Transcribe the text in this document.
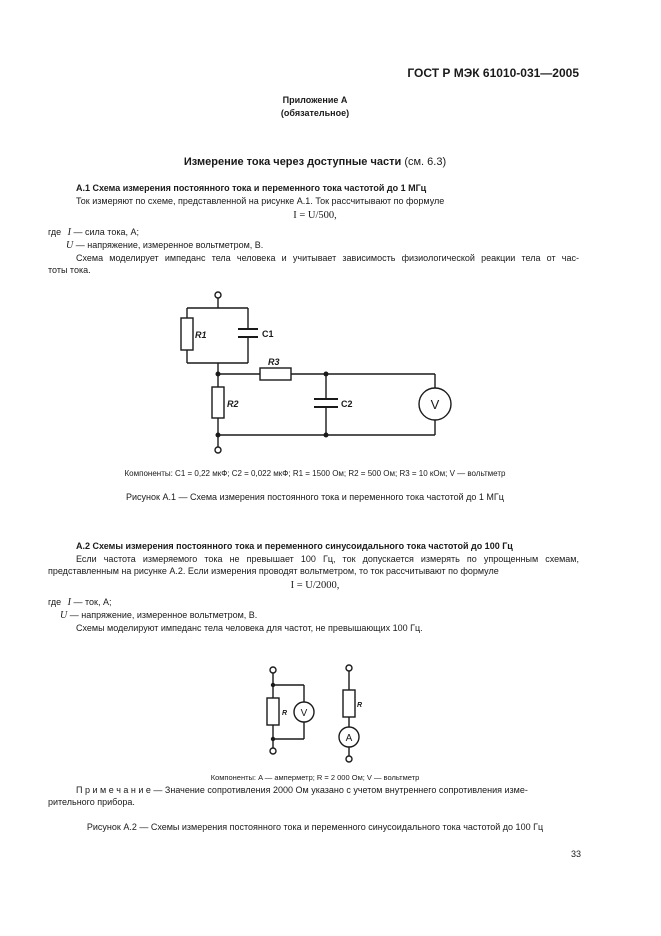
ГОСТ Р МЭК 61010-031—2005
Приложение А
(обязательное)
Измерение тока через доступные части (см. 6.3)
А.1 Схема измерения постоянного тока и переменного тока частотой до 1 МГц
Ток измеряют по схеме, представленной на рисунке А.1. Ток рассчитывают по формуле
I = U/500,
где I — сила тока, А;
U — напряжение, измеренное вольтметром, В.
Схема моделирует импеданс тела человека и учитывает зависимость физиологической реакции тела от час-
тоты тока.
R1	C1
R3
R2	C2	V
Компоненты: C1 = 0,22 мкФ; C2 = 0,022 мкФ; R1 = 1500 Ом; R2 = 500 Ом; R3 = 10 кОм; V — вольтметр
Рисунок А.1 — Схема измерения постоянного тока и переменного тока частотой до 1 МГц
А.2 Схемы измерения постоянного тока и переменного синусоидального тока частотой до 100 Гц
Если частота измеряемого тока не превышает 100 Гц, ток допускается измерять по упрощенным схемам,
представленным на рисунке А.2. Если измерения проводят вольтметром, то ток рассчитывают по формуле
I = U/2000,
где I — ток, А;
U — напряжение, измеренное вольтметром, В.
Схемы моделируют импеданс тела человека для частот, не превышающих 100 Гц.
R V
R
A
Компоненты: A — амперметр; R = 2 000 Ом; V — вольтметр
П р и м е ч а н и е — Значение сопротивления 2000 Ом указано с учетом внутреннего сопротивления изме-
рительного прибора.
Рисунок А.2 — Схемы измерения постоянного тока и переменного синусоидального тока частотой до 100 Гц
33
